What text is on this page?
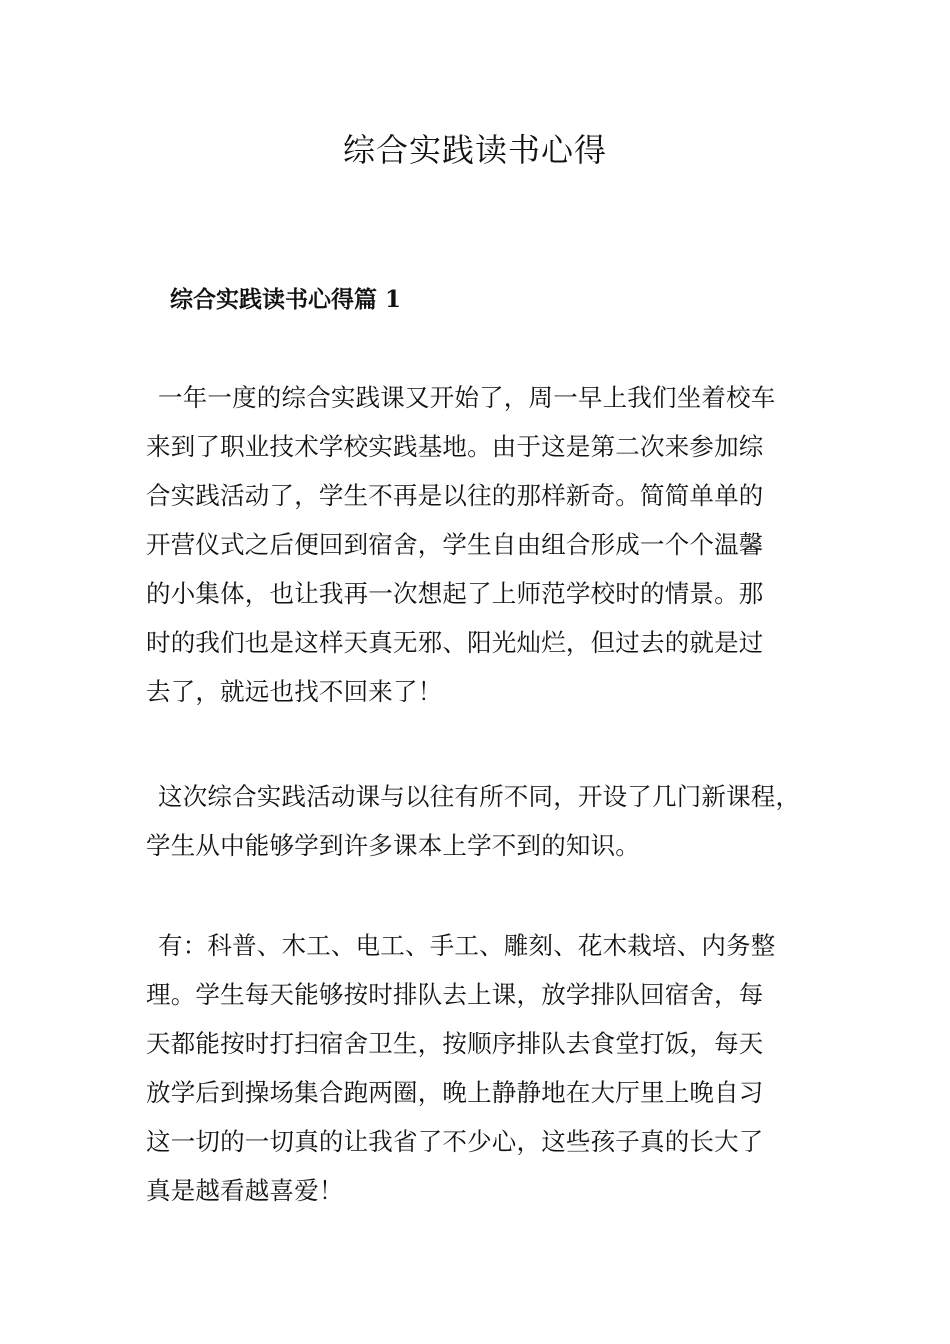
综合实践读书心得
综合实践读书心得篇 1
一年一度的综合实践课又开始了，周一早上我们坐着校车
来到了职业技术学校实践基地。由于这是第二次来参加综
合实践活动了，学生不再是以往的那样新奇。简简单单的
开营仪式之后便回到宿舍，学生自由组合形成一个个温馨
的小集体，也让我再一次想起了上师范学校时的情景。那
时的我们也是这样天真无邪、阳光灿烂，但过去的就是过
去了，就远也找不回来了！
这次综合实践活动课与以往有所不同，开设了几门新课程，
学生从中能够学到许多课本上学不到的知识。
有：科普、木工、电工、手工、雕刻、花木栽培、内务整
理。学生每天能够按时排队去上课，放学排队回宿舍，每
天都能按时打扫宿舍卫生，按顺序排队去食堂打饭，每天
放学后到操场集合跑两圈，晚上静静地在大厅里上晚自习
这一切的一切真的让我省了不少心，这些孩子真的长大了
真是越看越喜爱！
